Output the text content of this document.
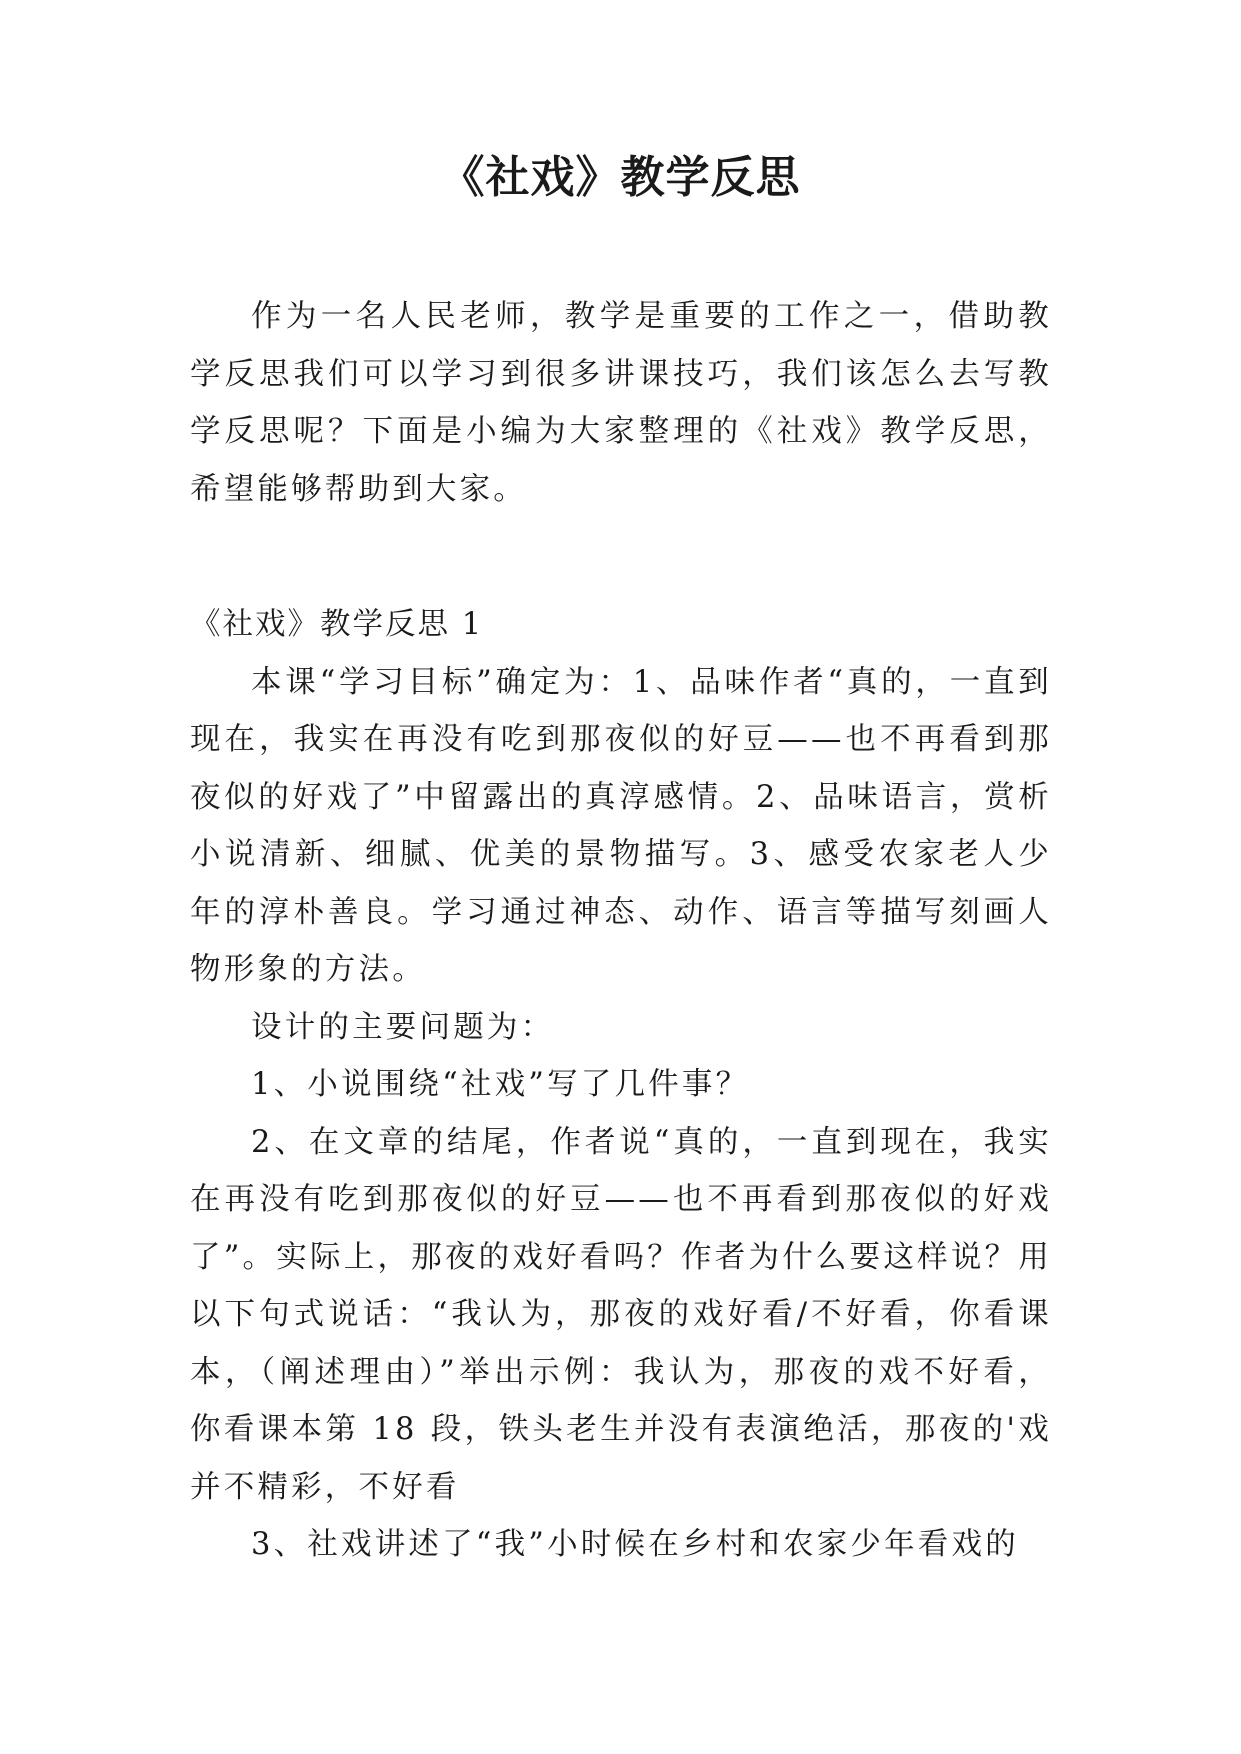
《社戏》教学反思

作为一名人民老师，教学是重要的工作之一，借助教学反思我们可以学习到很多讲课技巧，我们该怎么去写教学反思呢？下面是小编为大家整理的《社戏》教学反思，希望能够帮助到大家。

《社戏》教学反思 1

本课“学习目标”确定为：1、品味作者“真的，一直到现在，我实在再没有吃到那夜似的好豆——也不再看到那夜似的好戏了”中留露出的真淳感情。2、品味语言，赏析小说清新、细腻、优美的景物描写。3、感受农家老人少年的淳朴善良。学习通过神态、动作、语言等描写刻画人物形象的方法。

设计的主要问题为：

1、小说围绕“社戏”写了几件事？

2、在文章的结尾，作者说“真的，一直到现在，我实在再没有吃到那夜似的好豆——也不再看到那夜似的好戏了”。实际上，那夜的戏好看吗？作者为什么要这样说？用以下句式说话：“我认为，那夜的戏好看/不好看，你看课本，（阐述理由）”举出示例：我认为，那夜的戏不好看，你看课本第 18 段，铁头老生并没有表演绝活，那夜的'戏并不精彩，不好看

3、社戏讲述了“我”小时候在乡村和农家少年看戏的
